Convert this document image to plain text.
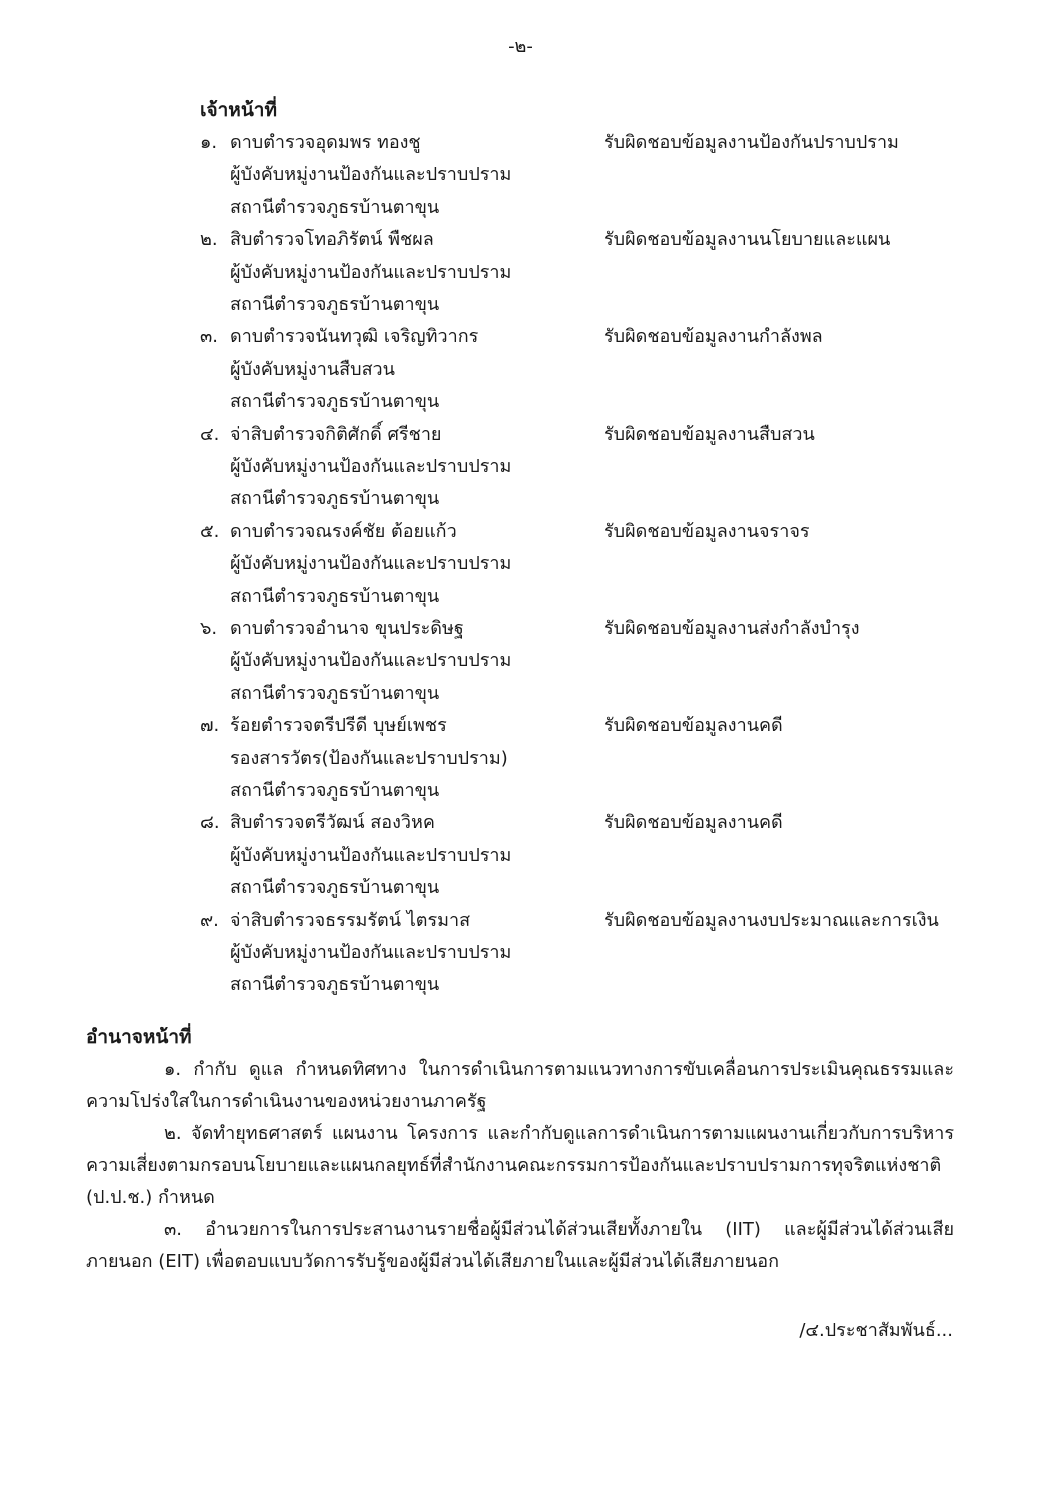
-๒-
เจ้าหน้าที่
๑. ดาบตำรวจอุดมพร ทองชู
ผู้บังคับหมู่งานป้องกันและปราบปราม
สถานีตำรวจภูธรบ้านตาขุน
รับผิดชอบข้อมูลงานป้องกันปราบปราม
๒. สิบตำรวจโทอภิรัตน์ พืชผล
ผู้บังคับหมู่งานป้องกันและปราบปราม
สถานีตำรวจภูธรบ้านตาขุน
รับผิดชอบข้อมูลงานนโยบายและแผน
๓. ดาบตำรวจนันทวุฒิ เจริญทิวากร
ผู้บังคับหมู่งานสืบสวน
สถานีตำรวจภูธรบ้านตาขุน
รับผิดชอบข้อมูลงานกำลังพล
๔. จ่าสิบตำรวจกิติศักดิ์ ศรีชาย
ผู้บังคับหมู่งานป้องกันและปราบปราม
สถานีตำรวจภูธรบ้านตาขุน
รับผิดชอบข้อมูลงานสืบสวน
๕. ดาบตำรวจณรงค์ชัย ต้อยแก้ว
ผู้บังคับหมู่งานป้องกันและปราบปราม
สถานีตำรวจภูธรบ้านตาขุน
รับผิดชอบข้อมูลงานจราจร
๖. ดาบตำรวจอำนาจ ขุนประดิษฐ
ผู้บังคับหมู่งานป้องกันและปราบปราม
สถานีตำรวจภูธรบ้านตาขุน
รับผิดชอบข้อมูลงานส่งกำลังบำรุง
๗. ร้อยตำรวจตรีปรีดี บุษย์เพชร
รองสารวัตร(ป้องกันและปราบปราม)
สถานีตำรวจภูธรบ้านตาขุน
รับผิดชอบข้อมูลงานคดี
๘. สิบตำรวจตรีวัฒน์ สองวิหค
ผู้บังคับหมู่งานป้องกันและปราบปราม
สถานีตำรวจภูธรบ้านตาขุน
รับผิดชอบข้อมูลงานคดี
๙. จ่าสิบตำรวจธรรมรัตน์ ไตรมาส
ผู้บังคับหมู่งานป้องกันและปราบปราม
สถานีตำรวจภูธรบ้านตาขุน
รับผิดชอบข้อมูลงานงบประมาณและการเงิน
อำนาจหน้าที่

๑. กำกับ ดูแล กำหนดทิศทาง ในการดำเนินการตามแนวทางการขับเคลื่อนการประเมินคุณธรรมและความโปร่งใสในการดำเนินงานของหน่วยงานภาครัฐ

๒. จัดทำยุทธศาสตร์ แผนงาน โครงการ และกำกับดูแลการดำเนินการตามแผนงานเกี่ยวกับการบริหารความเสี่ยงตามกรอบนโยบายและแผนกลยุทธ์ที่สำนักงานคณะกรรมการป้องกันและปราบปรามการทุจริตแห่งชาติ (ป.ป.ช.) กำหนด

๓. อำนวยการในการประสานงานรายชื่อผู้มีส่วนได้ส่วนเสียทั้งภายใน (IIT) และผู้มีส่วนได้ส่วนเสียภายนอก (EIT) เพื่อตอบแบบวัดการรับรู้ของผู้มีส่วนได้เสียภายในและผู้มีส่วนได้เสียภายนอก

/๔.ประชาสัมพันธ์...
